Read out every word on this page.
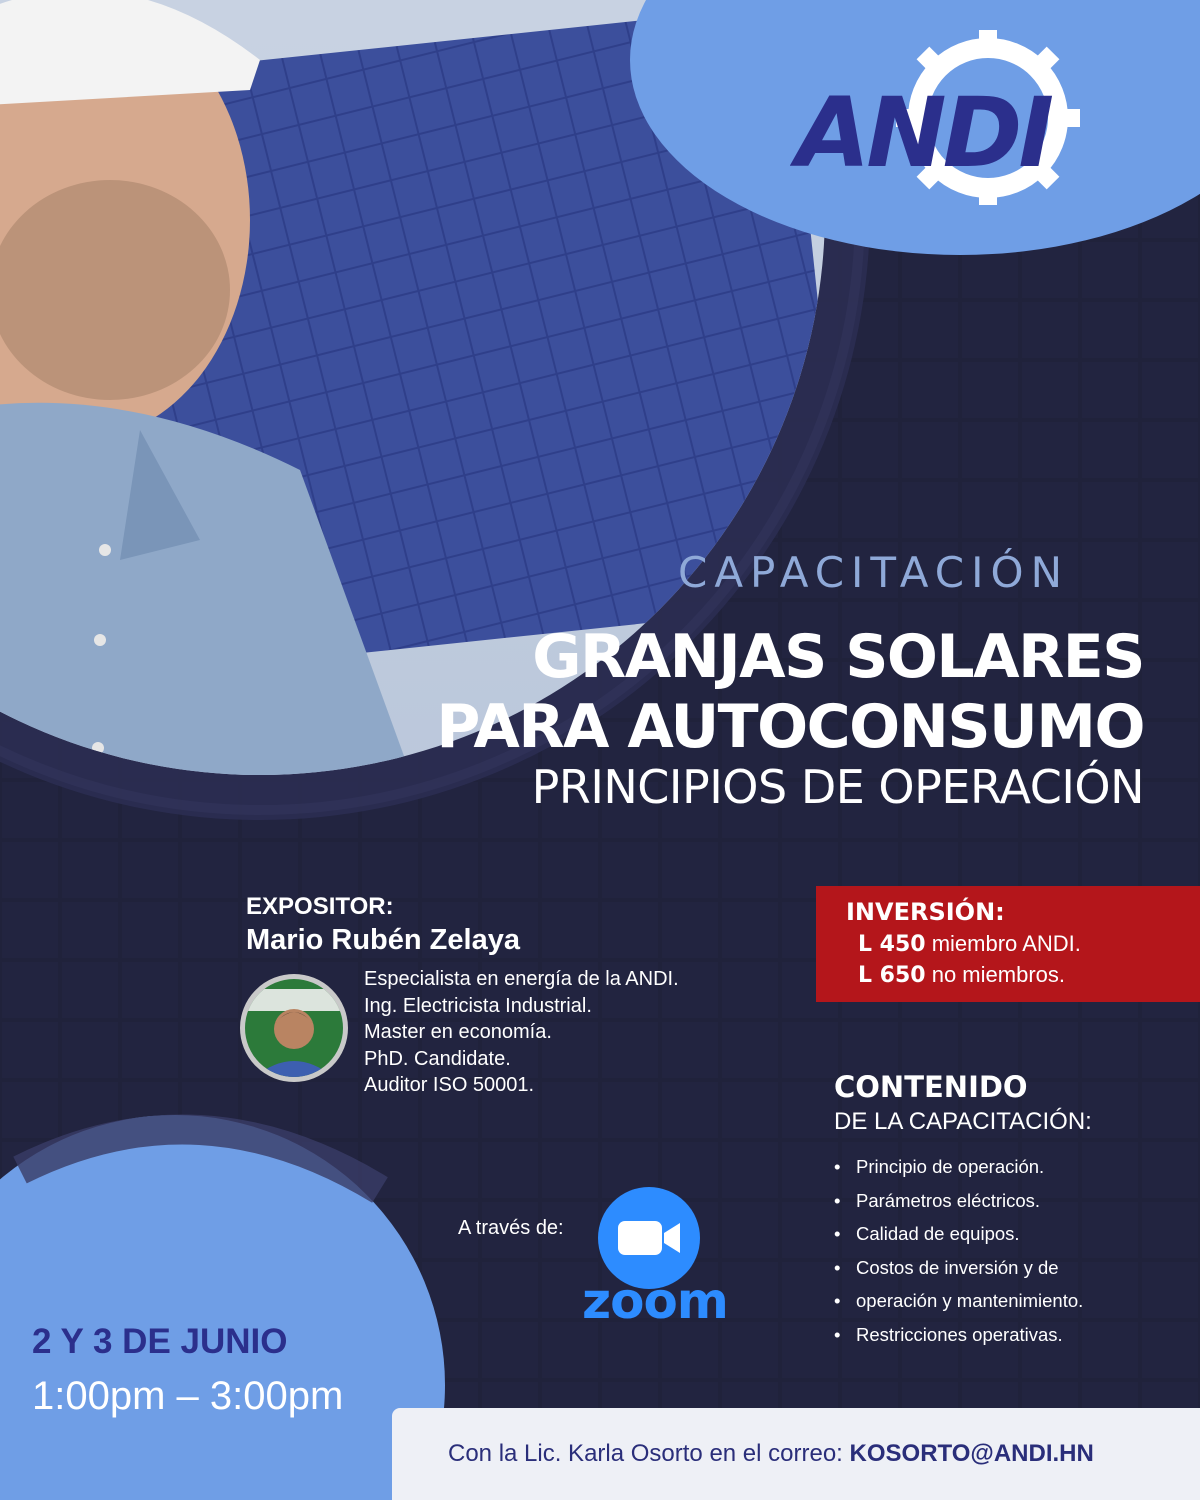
ANDI
CAPACITACIÓN
GRANJAS SOLARES
PARA AUTOCONSUMO
PRINCIPIOS DE OPERACIÓN
EXPOSITOR:
Mario Rubén Zelaya
Especialista en energía de la ANDI.
Ing. Electricista Industrial.
Master en economía.
PhD. Candidate.
Auditor ISO 50001.
INVERSIÓN:
L 450 miembro ANDI.
L 650 no miembros.
CONTENIDO
DE LA CAPACITACIÓN:
• Principio de operación.
• Parámetros eléctricos.
• Calidad de equipos.
• Costos de inversión y de
• operación y mantenimiento.
• Restricciones operativas.
A través de:
zoom
2 Y 3 DE JUNIO
1:00pm – 3:00pm
Con la Lic. Karla Osorto en el correo: KOSORTO@ANDI.HN
